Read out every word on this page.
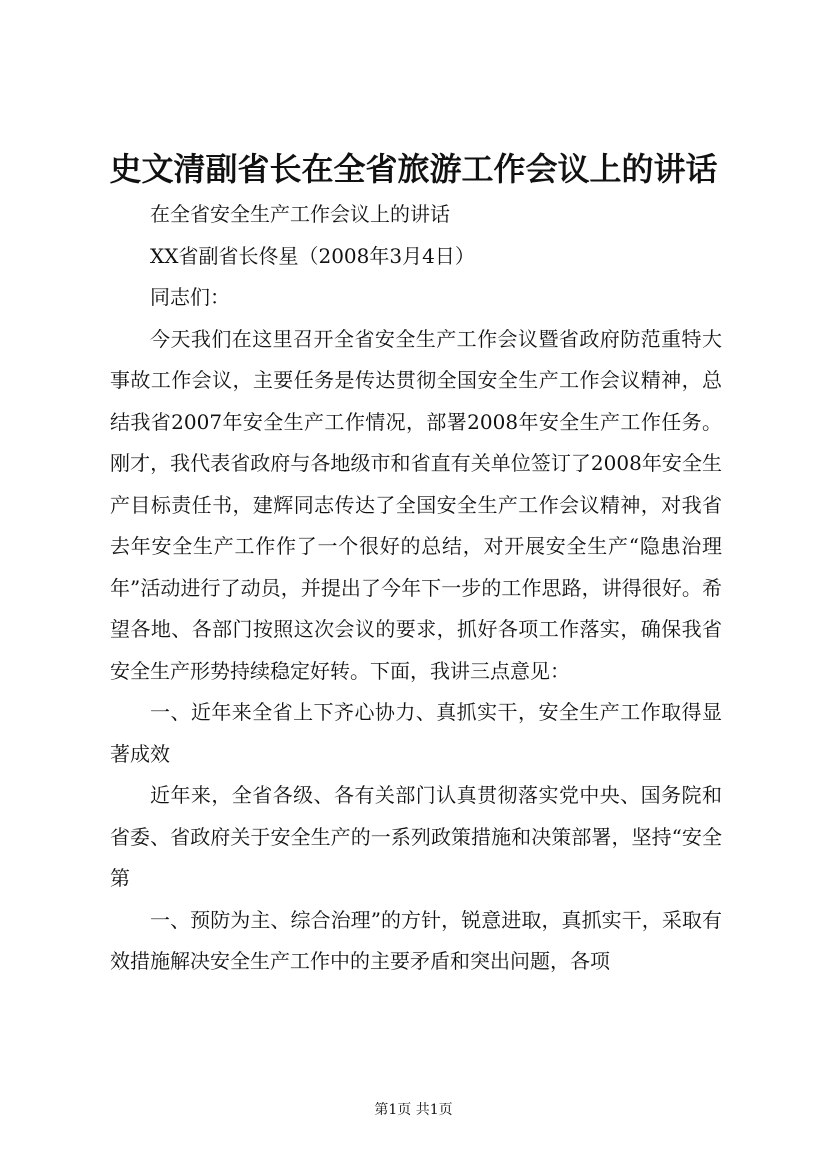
史文清副省长在全省旅游工作会议上的讲话

在全省安全生产工作会议上的讲话

XX省副省长佟星（2008年3月4日）

同志们：

今天我们在这里召开全省安全生产工作会议暨省政府防范重特大事故工作会议，主要任务是传达贯彻全国安全生产工作会议精神，总结我省2007年安全生产工作情况，部署2008年安全生产工作任务。刚才，我代表省政府与各地级市和省直有关单位签订了2008年安全生产目标责任书，建辉同志传达了全国安全生产工作会议精神，对我省去年安全生产工作作了一个很好的总结，对开展安全生产“隐患治理年”活动进行了动员，并提出了今年下一步的工作思路，讲得很好。希望各地、各部门按照这次会议的要求，抓好各项工作落实，确保我省安全生产形势持续稳定好转。下面，我讲三点意见：

一、近年来全省上下齐心协力、真抓实干，安全生产工作取得显著成效

近年来，全省各级、各有关部门认真贯彻落实党中央、国务院和省委、省政府关于安全生产的一系列政策措施和决策部署，坚持“安全第

一、预防为主、综合治理”的方针，锐意进取，真抓实干，采取有效措施解决安全生产工作中的主要矛盾和突出问题，各项

第1页 共1页
